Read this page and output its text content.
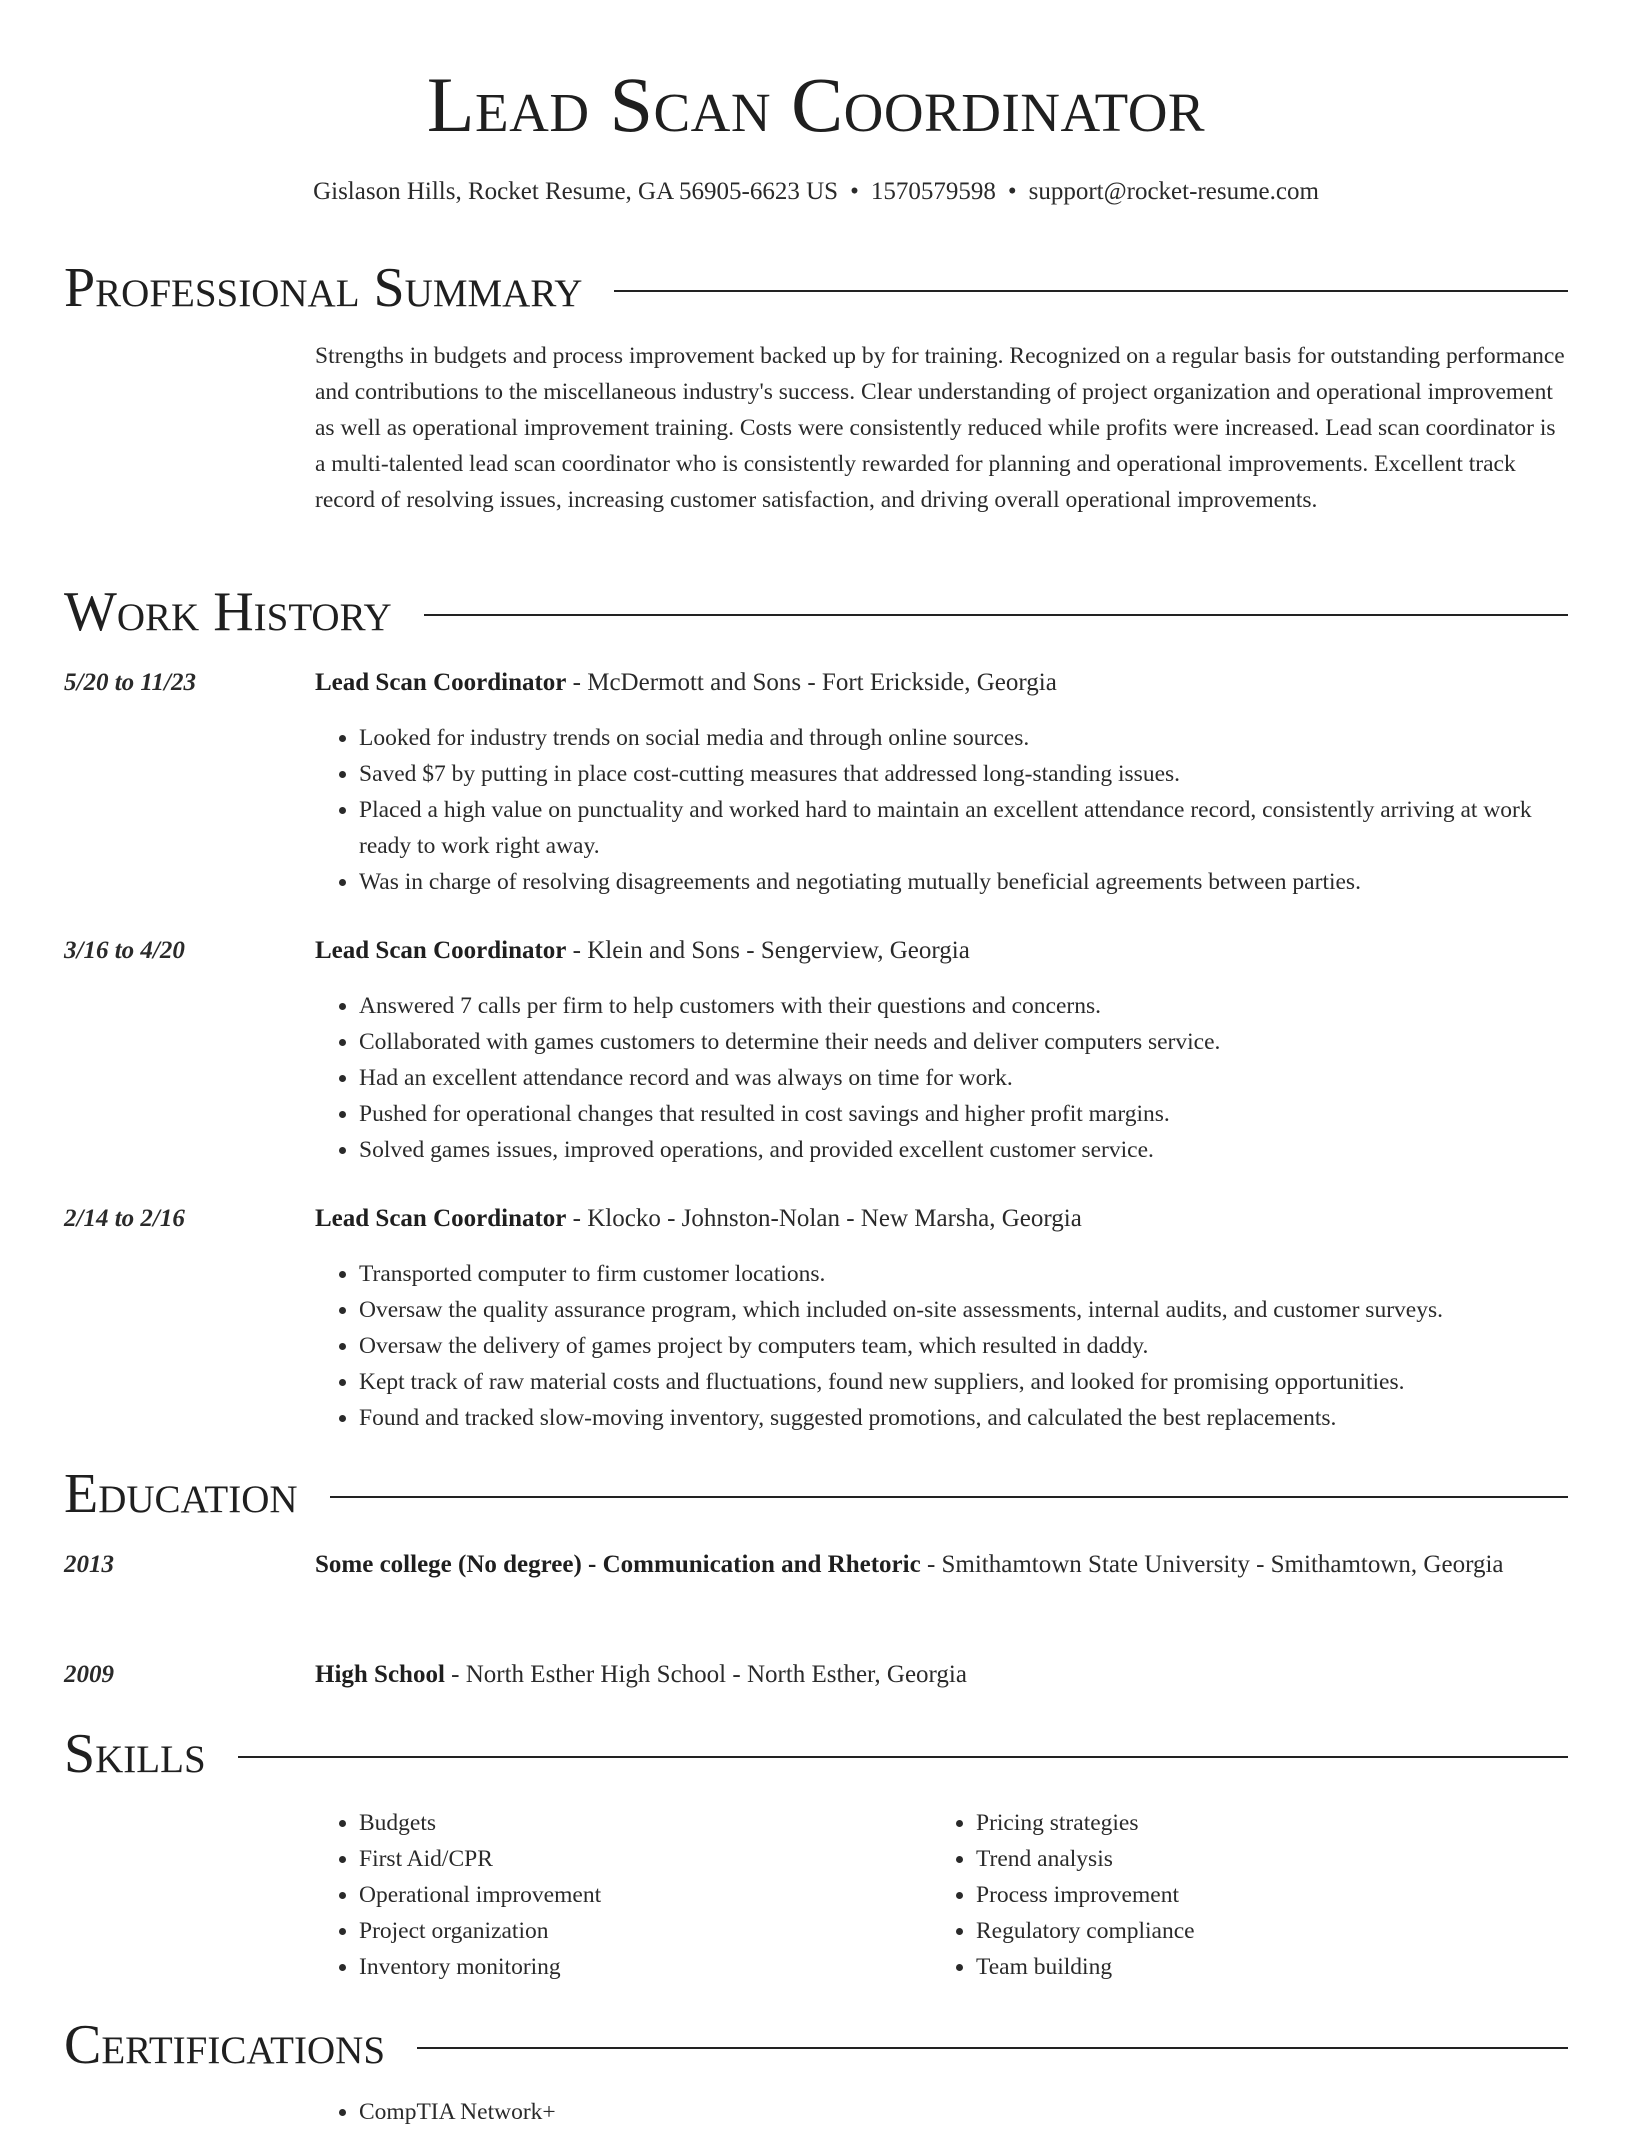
Lead Scan Coordinator
Gislason Hills, Rocket Resume, GA 56905-6623 US • 1570579598 • support@rocket-resume.com
Professional Summary
Strengths in budgets and process improvement backed up by for training. Recognized on a regular basis for outstanding performance and contributions to the miscellaneous industry's success. Clear understanding of project organization and operational improvement as well as operational improvement training. Costs were consistently reduced while profits were increased. Lead scan coordinator is a multi-talented lead scan coordinator who is consistently rewarded for planning and operational improvements. Excellent track record of resolving issues, increasing customer satisfaction, and driving overall operational improvements.
Work History
5/20 to 11/23	Lead Scan Coordinator - McDermott and Sons - Fort Erickside, Georgia
• Looked for industry trends on social media and through online sources.
• Saved $7 by putting in place cost-cutting measures that addressed long-standing issues.
• Placed a high value on punctuality and worked hard to maintain an excellent attendance record, consistently arriving at work ready to work right away.
• Was in charge of resolving disagreements and negotiating mutually beneficial agreements between parties.
3/16 to 4/20	Lead Scan Coordinator - Klein and Sons - Sengerview, Georgia
• Answered 7 calls per firm to help customers with their questions and concerns.
• Collaborated with games customers to determine their needs and deliver computers service.
• Had an excellent attendance record and was always on time for work.
• Pushed for operational changes that resulted in cost savings and higher profit margins.
• Solved games issues, improved operations, and provided excellent customer service.
2/14 to 2/16	Lead Scan Coordinator - Klocko - Johnston-Nolan - New Marsha, Georgia
• Transported computer to firm customer locations.
• Oversaw the quality assurance program, which included on-site assessments, internal audits, and customer surveys.
• Oversaw the delivery of games project by computers team, which resulted in daddy.
• Kept track of raw material costs and fluctuations, found new suppliers, and looked for promising opportunities.
• Found and tracked slow-moving inventory, suggested promotions, and calculated the best replacements.
Education
2013	Some college (No degree) - Communication and Rhetoric - Smithamtown State University - Smithamtown, Georgia
2009	High School - North Esther High School - North Esther, Georgia
Skills
• Budgets
• First Aid/CPR
• Operational improvement
• Project organization
• Inventory monitoring
• Pricing strategies
• Trend analysis
• Process improvement
• Regulatory compliance
• Team building
Certifications
• CompTIA Network+
